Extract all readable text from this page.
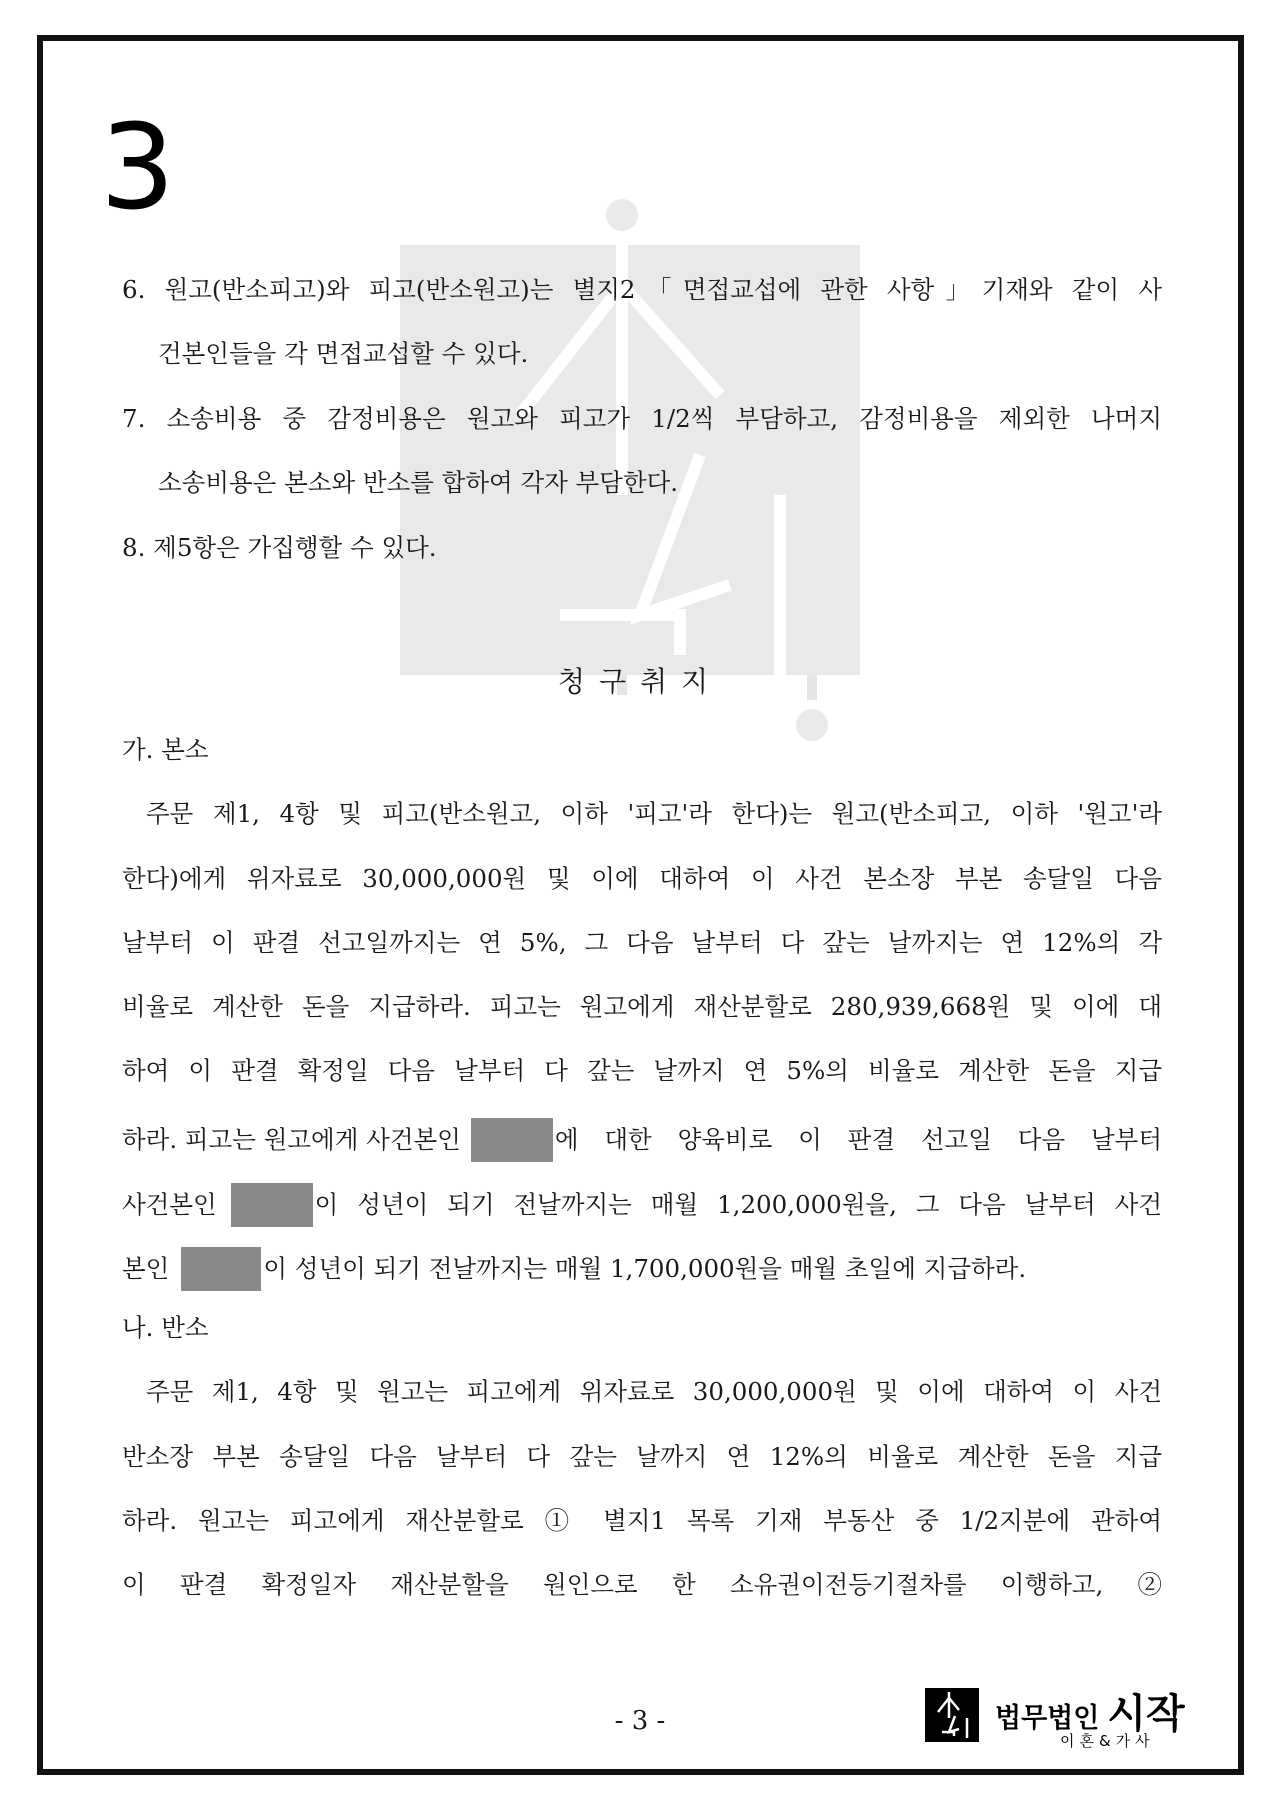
3
6. 원고(반소피고)와 피고(반소원고)는 별지2「면접교섭에 관한 사항」기재와 같이 사
건본인들을 각 면접교섭할 수 있다.
7. 소송비용 중 감정비용은 원고와 피고가 1/2씩 부담하고, 감정비용을 제외한 나머지
소송비용은 본소와 반소를 합하여 각자 부담한다.
8. 제5항은 가집행할 수 있다.
청구취지
가. 본소
주문 제1, 4항 및 피고(반소원고, 이하 '피고'라 한다)는 원고(반소피고, 이하 '원고'라
한다)에게 위자료로 30,000,000원 및 이에 대하여 이 사건 본소장 부본 송달일 다음
날부터 이 판결 선고일까지는 연 5%, 그 다음 날부터 다 갚는 날까지는 연 12%의 각
비율로 계산한 돈을 지급하라. 피고는 원고에게 재산분할로 280,939,668원 및 이에 대
하여 이 판결 확정일 다음 날부터 다 갚는 날까지 연 5%의 비율로 계산한 돈을 지급
하라. 피고는 원고에게 사건본인	에 대한 양육비로 이 판결 선고일 다음 날부터
사건본인	이 성년이 되기 전날까지는 매월 1,200,000원을, 그 다음 날부터 사건
본인	이 성년이 되기 전날까지는 매월 1,700,000원을 매월 초일에 지급하라.
나. 반소
주문 제1, 4항 및 원고는 피고에게 위자료로 30,000,000원 및 이에 대하여 이 사건
반소장 부본 송달일 다음 날부터 다 갚는 날까지 연 12%의 비율로 계산한 돈을 지급
하라. 원고는 피고에게 재산분할로 ① 별지1 목록 기재 부동산 중 1/2지분에 관하여
이 판결 확정일자 재산분할을 원인으로 한 소유권이전등기절차를 이행하고, ②
- 3 -	법무법인 시작
이혼&가사
